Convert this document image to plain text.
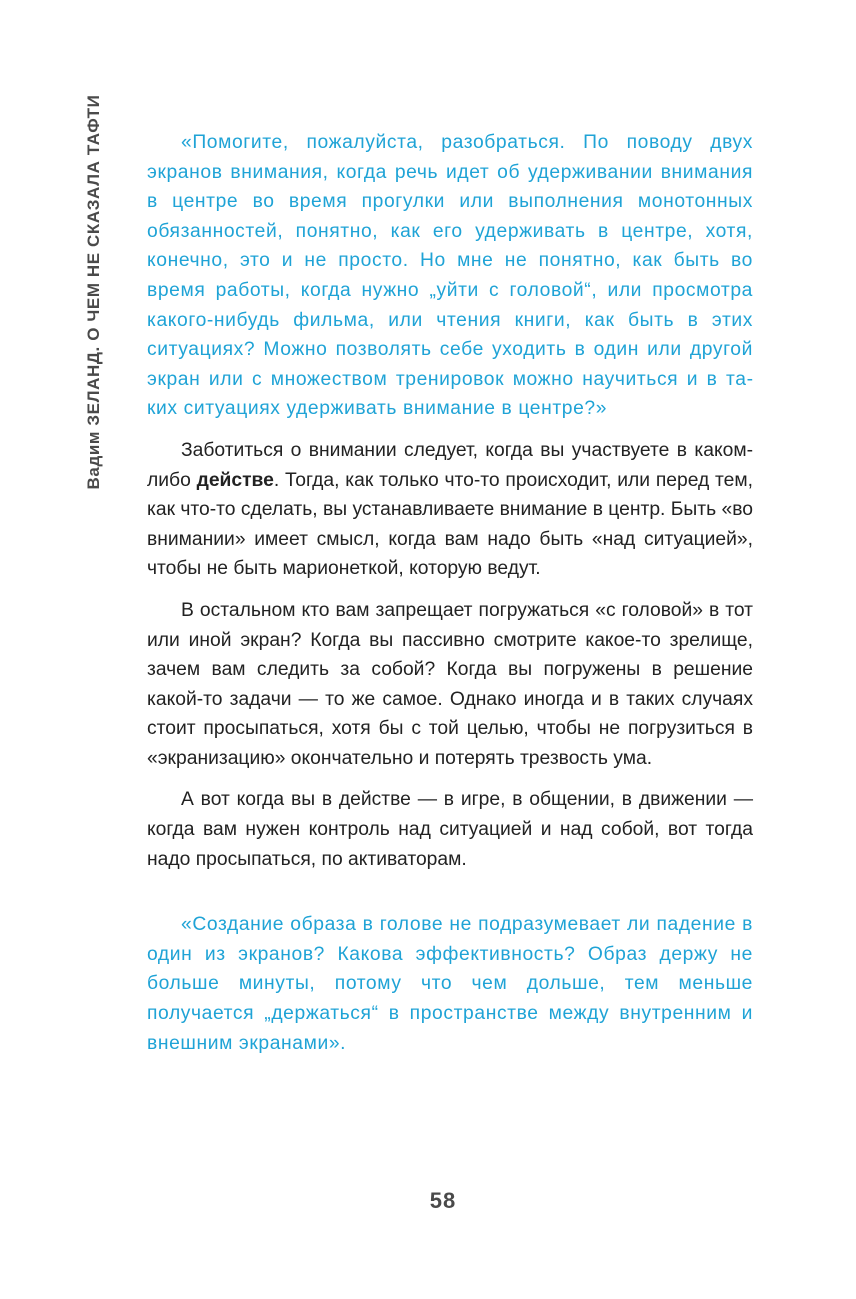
Вадим ЗЕЛАНД. О ЧЕМ НЕ СКАЗАЛА ТАФТИ	«Помогите, пожалуйста, разобраться. По поводу двух экранов внимания, когда речь идет об удерживании внимания в центре во время прогулки или выполнения монотонных обязанностей, понятно, как его удерживать в центре, хотя, конечно, это и не просто. Но мне не понятно, как быть во время работы, когда нужно „уйти с головой“, или просмотра какого-нибудь фильма, или чтения книги, как быть в этих ситуациях? Можно позволять себе уходить в один или другой экран или с множеством тренировок можно научиться и в таких ситуациях удерживать внимание в центре?»

Заботиться о внимании следует, когда вы участвуете в каком-либо действе. Тогда, как только что-то происходит, или перед тем, как что-то сделать, вы устанавливаете внимание в центр. Быть «во внимании» имеет смысл, когда вам надо быть «над ситуацией», чтобы не быть марионеткой, которую ведут.

В остальном кто вам запрещает погружаться «с головой» в тот или иной экран? Когда вы пассивно смотрите какое-то зрелище, зачем вам следить за собой? Когда вы погружены в решение какой-то задачи — то же самое. Однако иногда и в таких случаях стоит просыпаться, хотя бы с той целью, чтобы не погрузиться в «экранизацию» окончательно и потерять трезвость ума.

А вот когда вы в действе — в игре, в общении, в движении — когда вам нужен контроль над ситуацией и над собой, вот тогда надо просыпаться, по активаторам.

«Создание образа в голове не подразумевает ли падение в один из экранов? Какова эффективность? Образ держу не больше минуты, потому что чем дольше, тем меньше получается „держаться“ в пространстве между внутренним и внешним экранами».

58
